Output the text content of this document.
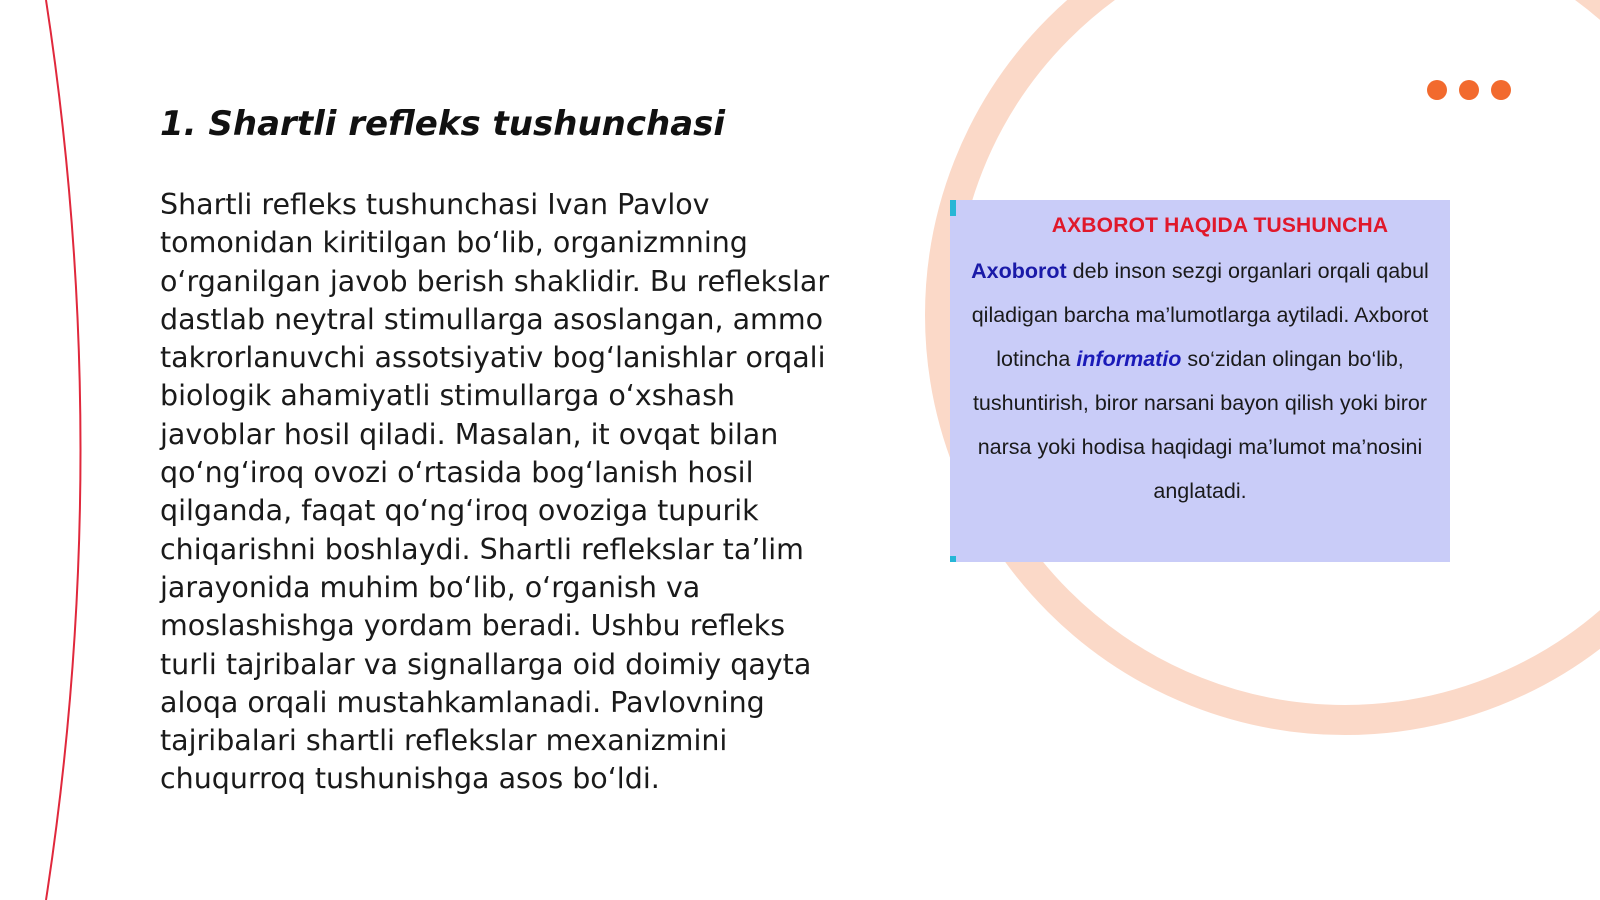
1. Shartli refleks tushunchasi

Shartli refleks tushunchasi Ivan Pavlov tomonidan kiritilgan bo‘lib, organizmning o‘rganilgan javob berish shaklidir. Bu reflekslar dastlab neytral stimullarga asoslangan, ammo takrorlanuvchi assotsiyativ bog‘lanishlar orqali biologik ahamiyatli stimullarga o‘xshash javoblar hosil qiladi. Masalan, it ovqat bilan qo‘ng‘iroq ovozi o‘rtasida bog‘lanish hosil qilganda, faqat qo‘ng‘iroq ovoziga tupurik chiqarishni boshlaydi. Shartli reflekslar ta’lim jarayonida muhim bo‘lib, o‘rganish va moslashishga yordam beradi. Ushbu refleks turli tajribalar va signallarga oid doimiy qayta aloqa orqali mustahkamlanadi. Pavlovning tajribalari shartli reflekslar mexanizmini chuqurroq tushunishga asos bo‘ldi.

AXBOROT HAQIDA TUSHUNCHA
Axoborot deb inson sezgi organlari orqali qabul qiladigan barcha ma’lumotlarga aytiladi. Axborot lotincha informatio so‘zidan olingan bo‘lib, tushuntirish, biror narsani bayon qilish yoki biror narsa yoki hodisa haqidagi ma’lumot ma’nosini anglatadi.
